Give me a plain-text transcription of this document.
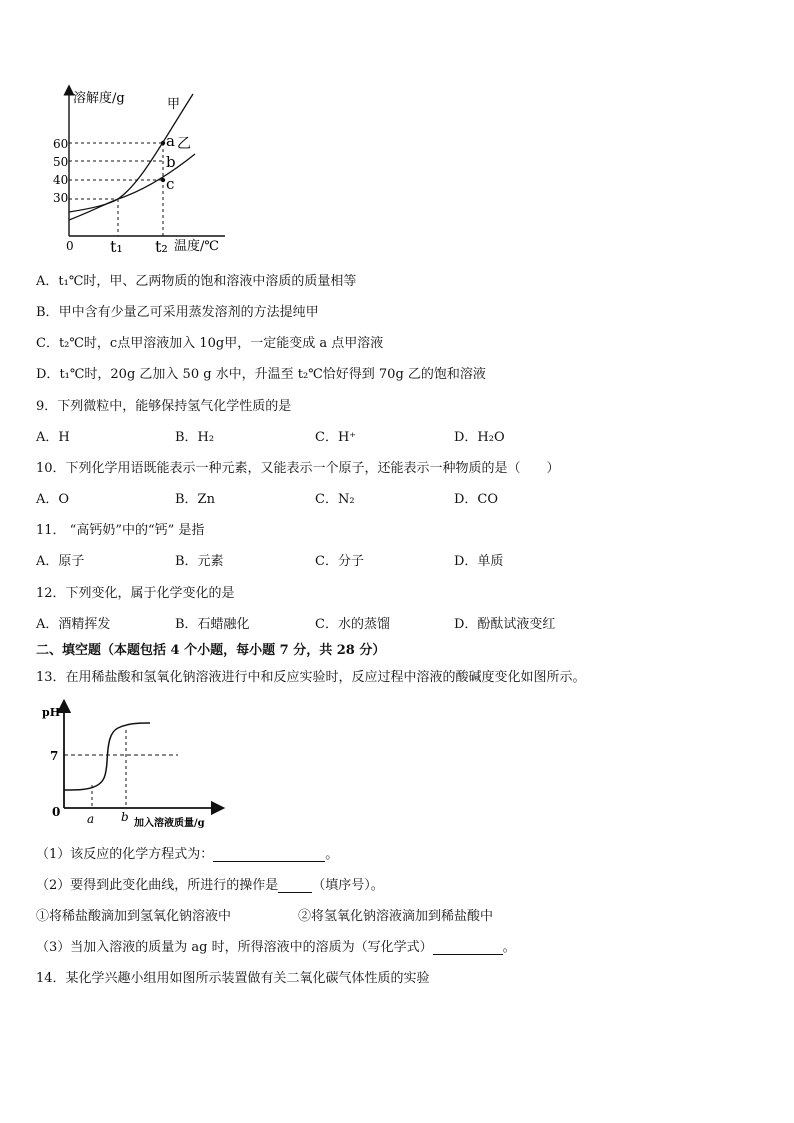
溶解度/g	甲
乙
60
50
40
30
a
b
c
0 t₁ t₂ 温度/℃
A．t₁℃时，甲、乙两物质的饱和溶液中溶质的质量相等
B．甲中含有少量乙可采用蒸发溶剂的方法提纯甲
C．t₂℃时，c点甲溶液加入 10g甲，一定能变成 a 点甲溶液
D．t₁℃时，20g 乙加入 50 g 水中，升温至 t₂℃恰好得到 70g 乙的饱和溶液
9．下列微粒中，能够保持氢气化学性质的是
A．H	B．H₂	C．H⁺	D．H₂O
10．下列化学用语既能表示一种元素，又能表示一个原子，还能表示一种物质的是（　　）
A．O	B．Zn	C．N₂	D．CO
11． “高钙奶”中的“钙” 是指
A．原子	B．元素	C．分子	D．单质
12．下列变化，属于化学变化的是
A．酒精挥发	B．石蜡融化	C．水的蒸馏	D．酚酞试液变红
二、填空题（本题包括 4 个小题，每小题 7 分，共 28 分）
13．在用稀盐酸和氢氧化钠溶液进行中和反应实验时，反应过程中溶液的酸碱度变化如图所示。
pH
7
0 a b 加入溶液质量/g
（1）该反应的化学方程式为：	。
（2）要得到此变化曲线，所进行的操作是	（填序号）。
①将稀盐酸滴加到氢氧化钠溶液中	②将氢氧化钠溶液滴加到稀盐酸中
（3）当加入溶液的质量为 ag 时，所得溶液中的溶质为（写化学式）	。
14．某化学兴趣小组用如图所示装置做有关二氧化碳气体性质的实验
